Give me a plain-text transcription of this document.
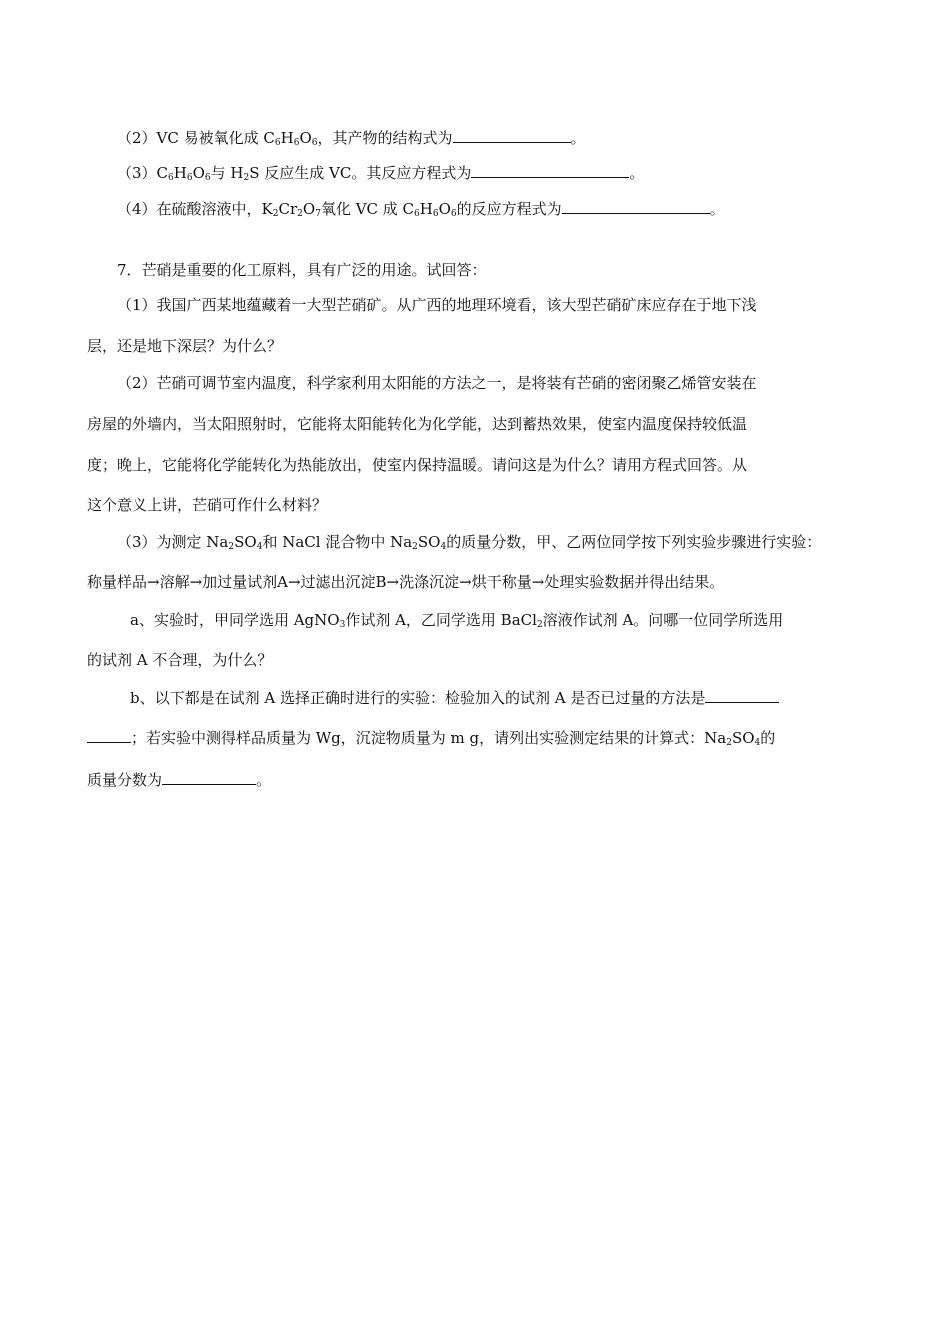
（2）VC 易被氧化成 $C_6H_6O_6$，其产物的结构式为	。
$(3)C_6H_6O_6$与 $H_2S$ 反应生成 VC。其反应方程式为	。
（4）在硫酸溶液中，$K_2Cr_2O_7$氧化 VC 成 $C_6H_6O_6$的反应方程式为	。
7．芒硝是重要的化工原料，具有广泛的用途。试回答：
（1）我国广西某地蕴藏着一大型芒硝矿。从广西的地理环境看，该大型芒硝矿床应存在于地下浅
层，还是地下深层？为什么？
（2）芒硝可调节室内温度，科学家利用太阳能的方法之一，是将装有芒硝的密闭聚乙烯管安装在
房屋的外墙内，当太阳照射时，它能将太阳能转化为化学能，达到蓄热效果，使室内温度保持较低温
度；晚上，它能将化学能转化为热能放出，使室内保持温暖。请问这是为什么？请用方程式回答。从
这个意义上讲，芒硝可作什么材料？
（3）为测定 $Na_2SO_4$和 NaCl 混合物中 $Na_2SO_4$的质量分数，甲、乙两位同学按下列实验步骤进行实验：
称量样品→溶解→加过量试剂A→过滤出沉淀B→洗涤沉淀→烘干称量→处理实验数据并得出结果。
a、实验时，甲同学选用 AgNO$_3$作试剂 A，乙同学选用 BaCl$_2$溶液作试剂 A。问哪一位同学所选用
的试剂 A 不合理，为什么？
b、以下都是在试剂 A 选择正确时进行的实验：检验加入的试剂 A 是否已过量的方法是
；若实验中测得样品质量为 Wg，沉淀物质量为 m g，请列出实验测定结果的计算式：$Na_2SO_4$的
质量分数为	。
